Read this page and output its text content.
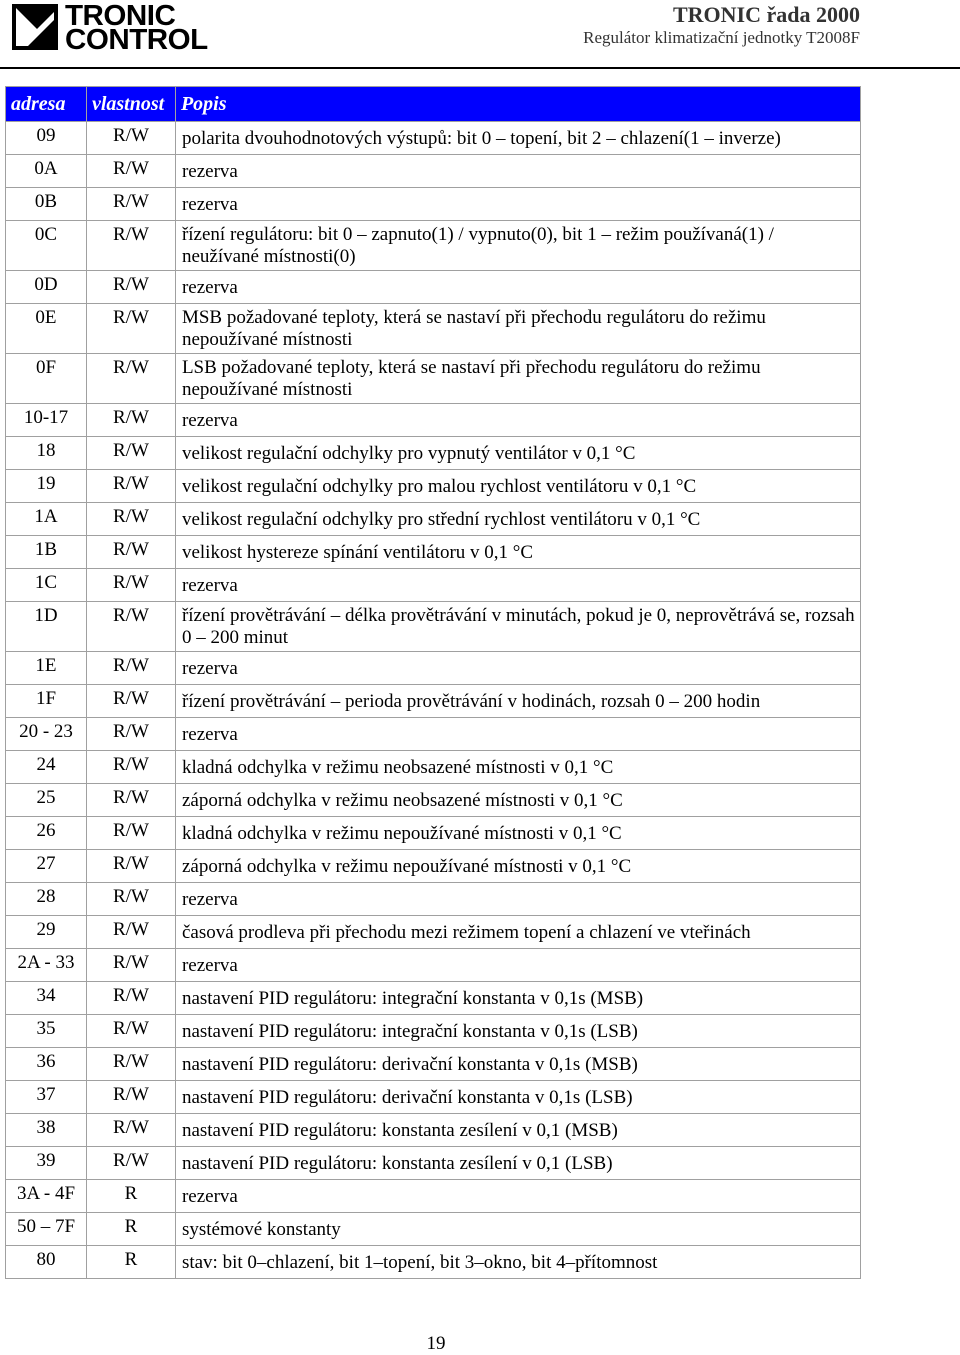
TRONIC
CONTROL
TRONIC řada 2000
Regulátor klimatizační jednotky T2008F
adresa	vlastnost	Popis
09	R/W	polarita dvouhodnotových výstupů: bit 0 – topení, bit 2 – chlazení(1 – inverze)
0A	R/W	rezerva
0B	R/W	rezerva
0C	R/W	řízení regulátoru: bit 0 – zapnuto(1) / vypnuto(0), bit 1 – režim používaná(1) / neužívané místnosti(0)
0D	R/W	rezerva
0E	R/W	MSB požadované teploty, která se nastaví při přechodu regulátoru do režimu nepoužívané místnosti
0F	R/W	LSB požadované teploty, která se nastaví při přechodu regulátoru do režimu nepoužívané místnosti
10-17	R/W	rezerva
18	R/W	velikost regulační odchylky pro vypnutý ventilátor v 0,1 °C
19	R/W	velikost regulační odchylky pro malou rychlost ventilátoru v 0,1 °C
1A	R/W	velikost regulační odchylky pro střední rychlost ventilátoru v 0,1 °C
1B	R/W	velikost hystereze spínání ventilátoru v 0,1 °C
1C	R/W	rezerva
1D	R/W	řízení provětrávání – délka provětrávání v minutách, pokud je 0, neprovětrává se, rozsah 0 – 200 minut
1E	R/W	rezerva
1F	R/W	řízení provětrávání – perioda provětrávání v hodinách, rozsah 0 – 200 hodin
20 - 23	R/W	rezerva
24	R/W	kladná odchylka v režimu neobsazené místnosti v 0,1 °C
25	R/W	záporná odchylka v režimu neobsazené místnosti v 0,1 °C
26	R/W	kladná odchylka v režimu nepoužívané místnosti v 0,1 °C
27	R/W	záporná odchylka v režimu nepoužívané místnosti v 0,1 °C
28	R/W	rezerva
29	R/W	časová prodleva při přechodu mezi režimem topení a chlazení ve vteřinách
2A - 33	R/W	rezerva
34	R/W	nastavení PID regulátoru: integrační konstanta v 0,1s (MSB)
35	R/W	nastavení PID regulátoru: integrační konstanta v 0,1s (LSB)
36	R/W	nastavení PID regulátoru: derivační konstanta v 0,1s (MSB)
37	R/W	nastavení PID regulátoru: derivační konstanta v 0,1s (LSB)
38	R/W	nastavení PID regulátoru: konstanta zesílení v 0,1 (MSB)
39	R/W	nastavení PID regulátoru: konstanta zesílení v 0,1 (LSB)
3A - 4F	R	rezerva
50 – 7F	R	systémové konstanty
80	R	stav: bit 0–chlazení, bit 1–topení, bit 3–okno, bit 4–přítomnost
19
